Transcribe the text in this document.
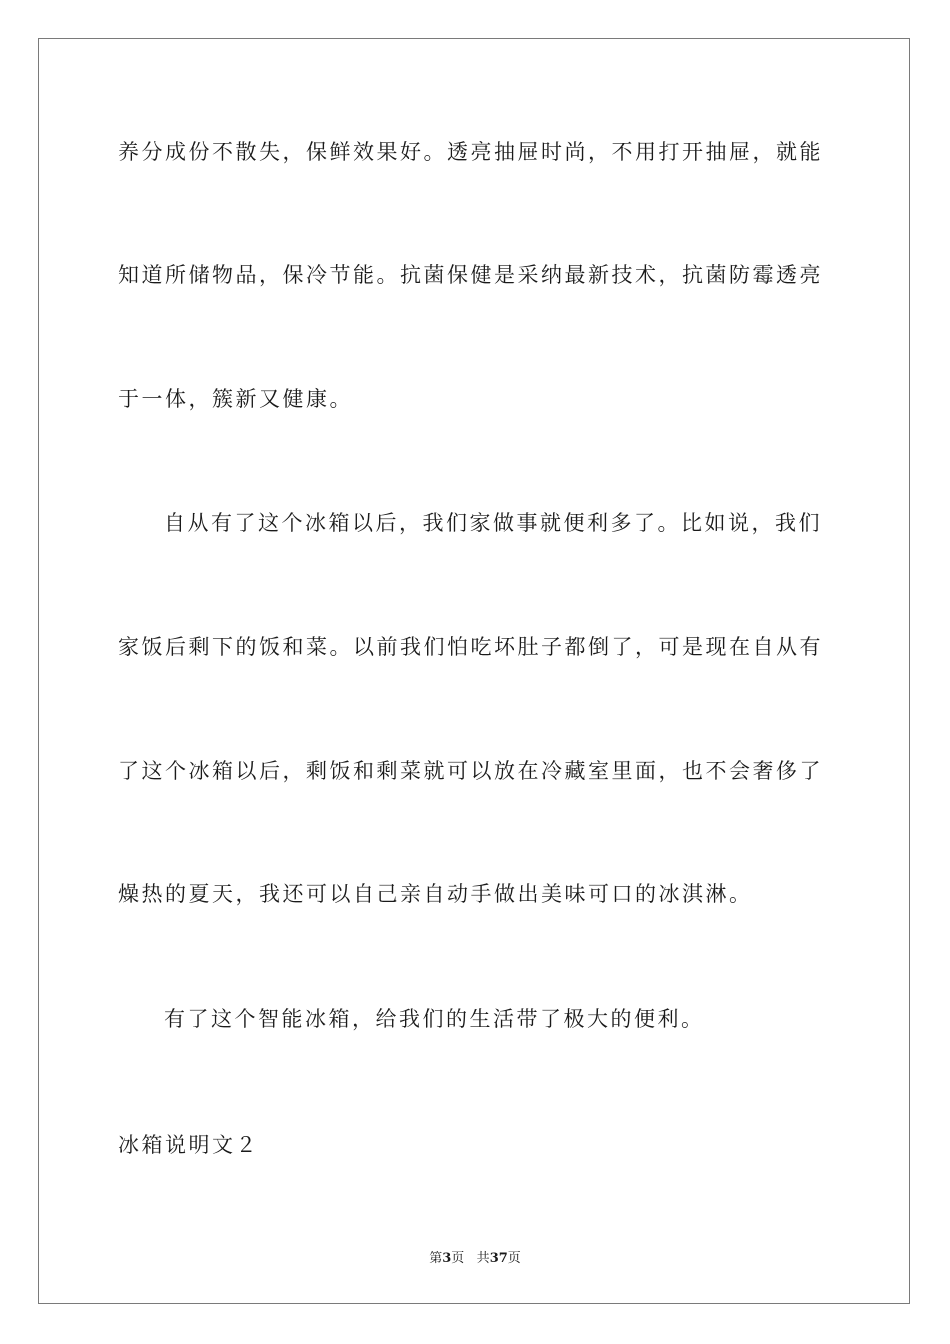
养分成份不散失，保鲜效果好。透亮抽屉时尚，不用打开抽屉，就能

知道所储物品，保冷节能。抗菌保健是采纳最新技术，抗菌防霉透亮

于一体，簇新又健康。

自从有了这个冰箱以后，我们家做事就便利多了。比如说，我们

家饭后剩下的饭和菜。以前我们怕吃坏肚子都倒了，可是现在自从有

了这个冰箱以后，剩饭和剩菜就可以放在冷藏室里面，也不会奢侈了

燥热的夏天，我还可以自己亲自动手做出美味可口的冰淇淋。

有了这个智能冰箱，给我们的生活带了极大的便利。

冰箱说明文２

第3页 共37页
